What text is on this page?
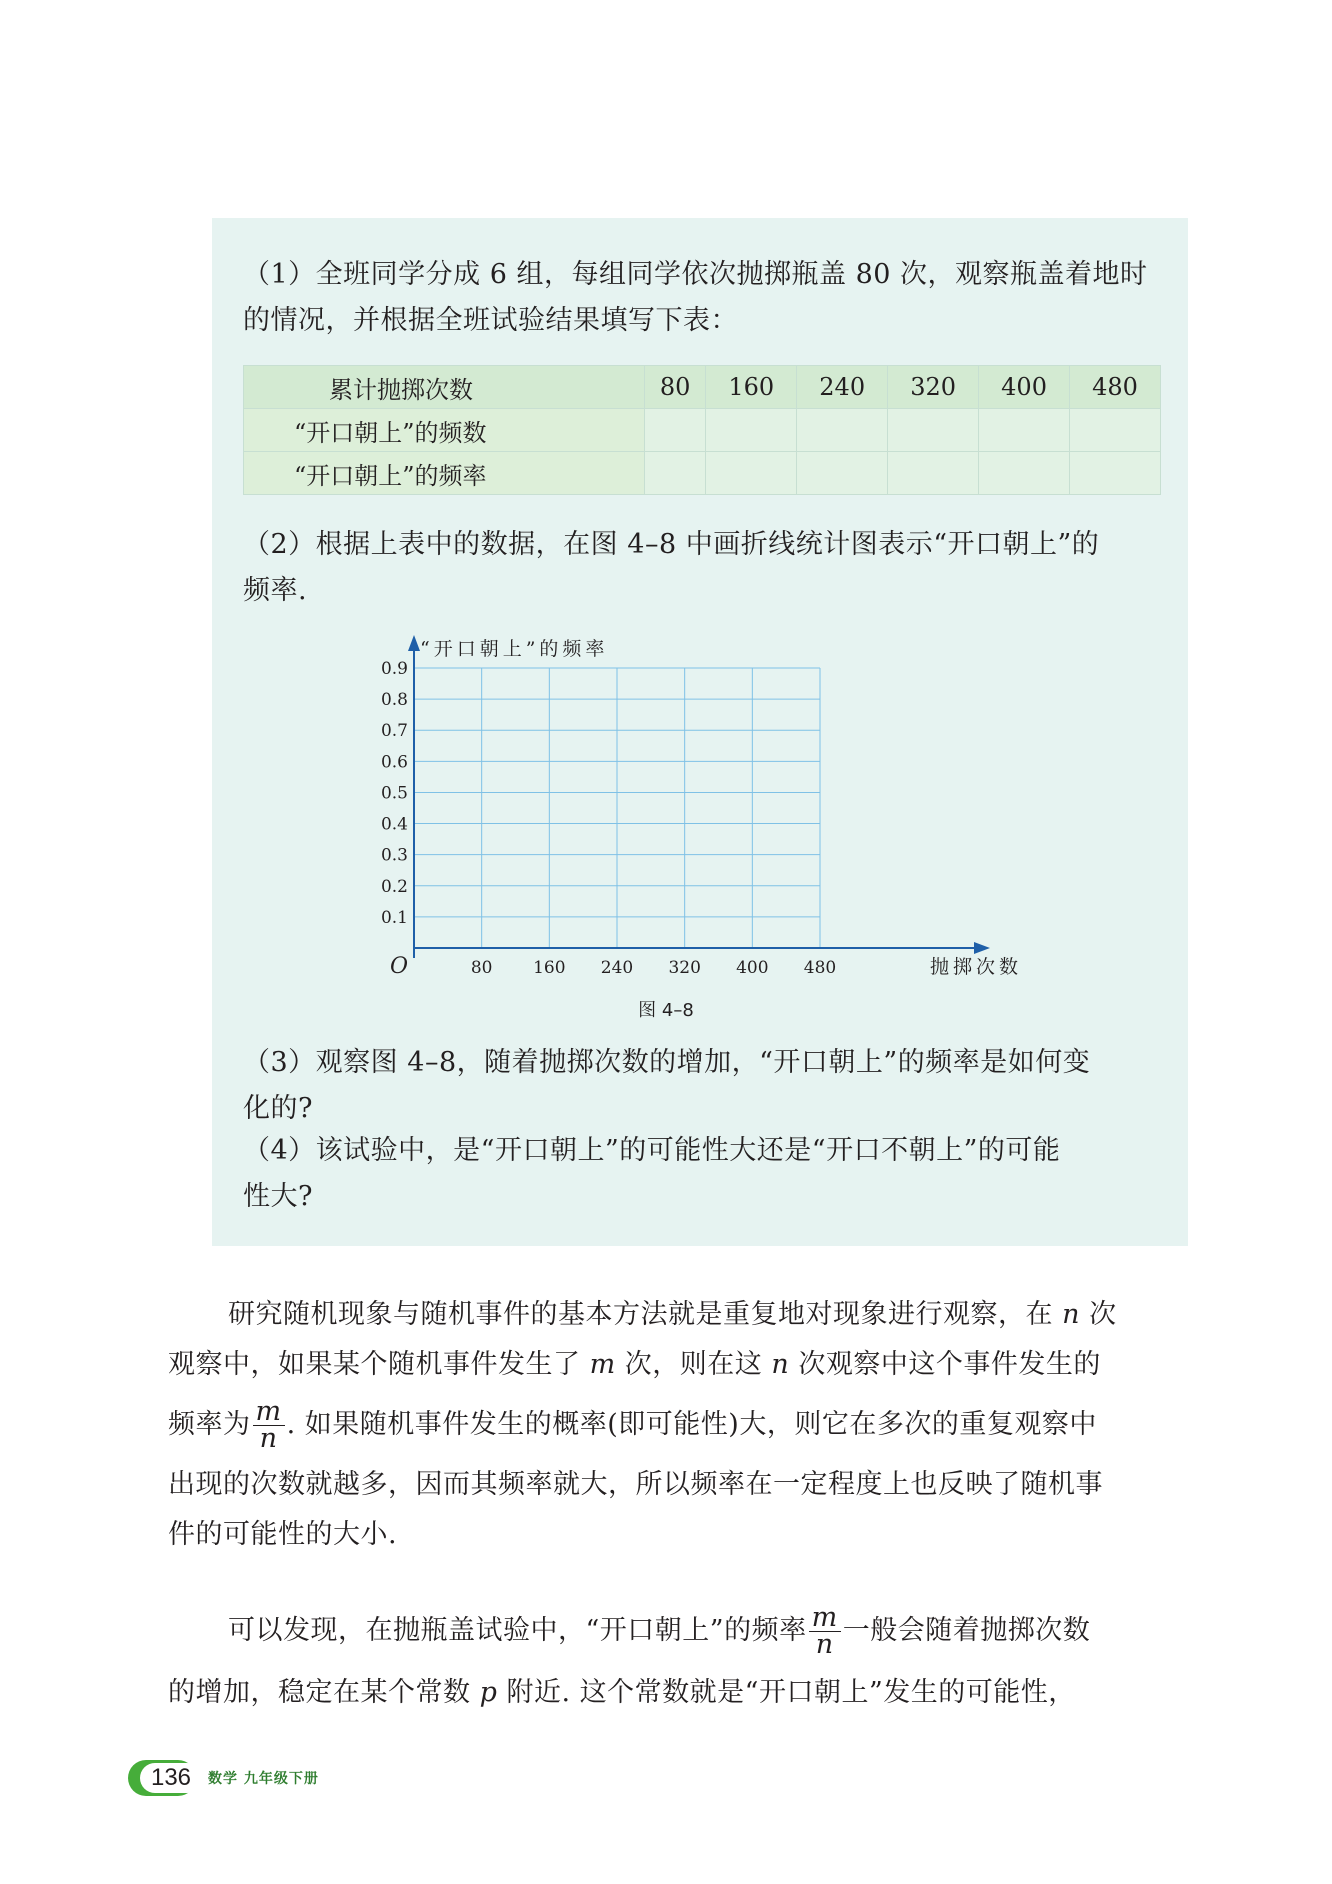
（1）全班同学分成 6 组，每组同学依次抛掷瓶盖 80 次，观察瓶盖着地时
的情况，并根据全班试验结果填写下表：
累计抛掷次数	80	160	240	320	400	480
“开口朝上”的频数						
“开口朝上”的频率						
（2）根据上表中的数据，在图 4–8 中画折线统计图表示“开口朝上”的
频率.
“开口朝上”的频率
抛掷次数
O
0.9
0.8
0.7
0.6
0.5
0.4
0.3
0.2
0.1
80 160 240 320 400 480
图 4–8
（3）观察图 4–8，随着抛掷次数的增加，“开口朝上”的频率是如何变
化的?
（4）该试验中，是“开口朝上”的可能性大还是“开口不朝上”的可能
性大?
研究随机现象与随机事件的基本方法就是重复地对现象进行观察，在 n 次
观察中，如果某个随机事件发生了 m 次，则在这 n 次观察中这个事件发生的
频率为 $\frac{m}{n}$ . 如果随机事件发生的概率(即可能性)大，则它在多次的重复观察中
出现的次数就越多，因而其频率就大，所以频率在一定程度上也反映了随机事
件的可能性的大小.
可以发现，在抛瓶盖试验中，“开口朝上”的频率 $\frac{m}{n}$ 一般会随着抛掷次数
的增加，稳定在某个常数 p 附近. 这个常数就是“开口朝上”发生的可能性，
136	数学 九年级下册
